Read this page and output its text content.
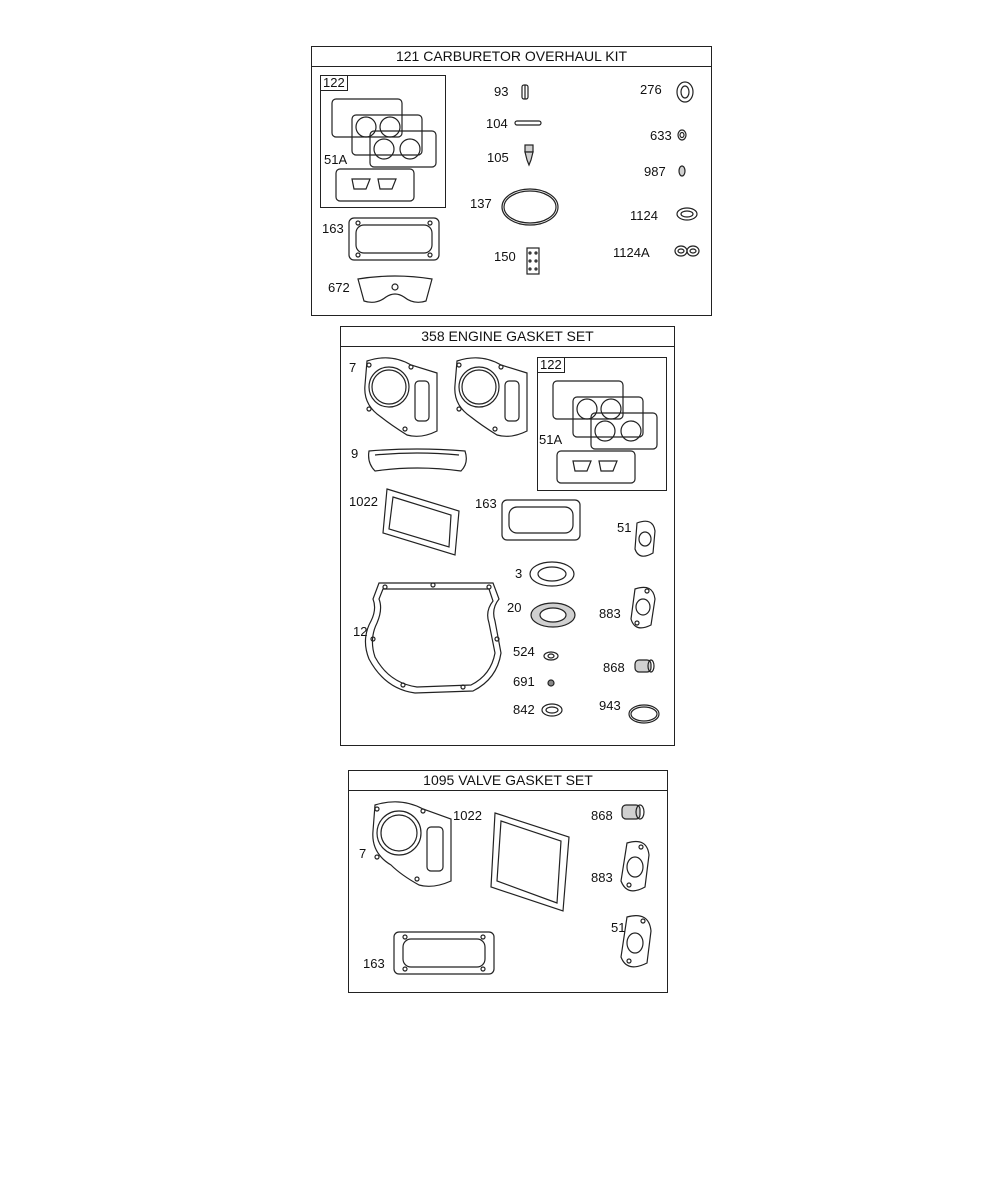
121 CARBURETOR OVERHAUL KIT
122
51A
163
672
93
104
105
137
150
276
633
987
1124
1124A
358 ENGINE GASKET SET
7	122
51A
9
1022	163
51
3
12
20	883
524
868
691
842	943
1095 VALVE GASKET SET
7
1022	868
883
51
163
